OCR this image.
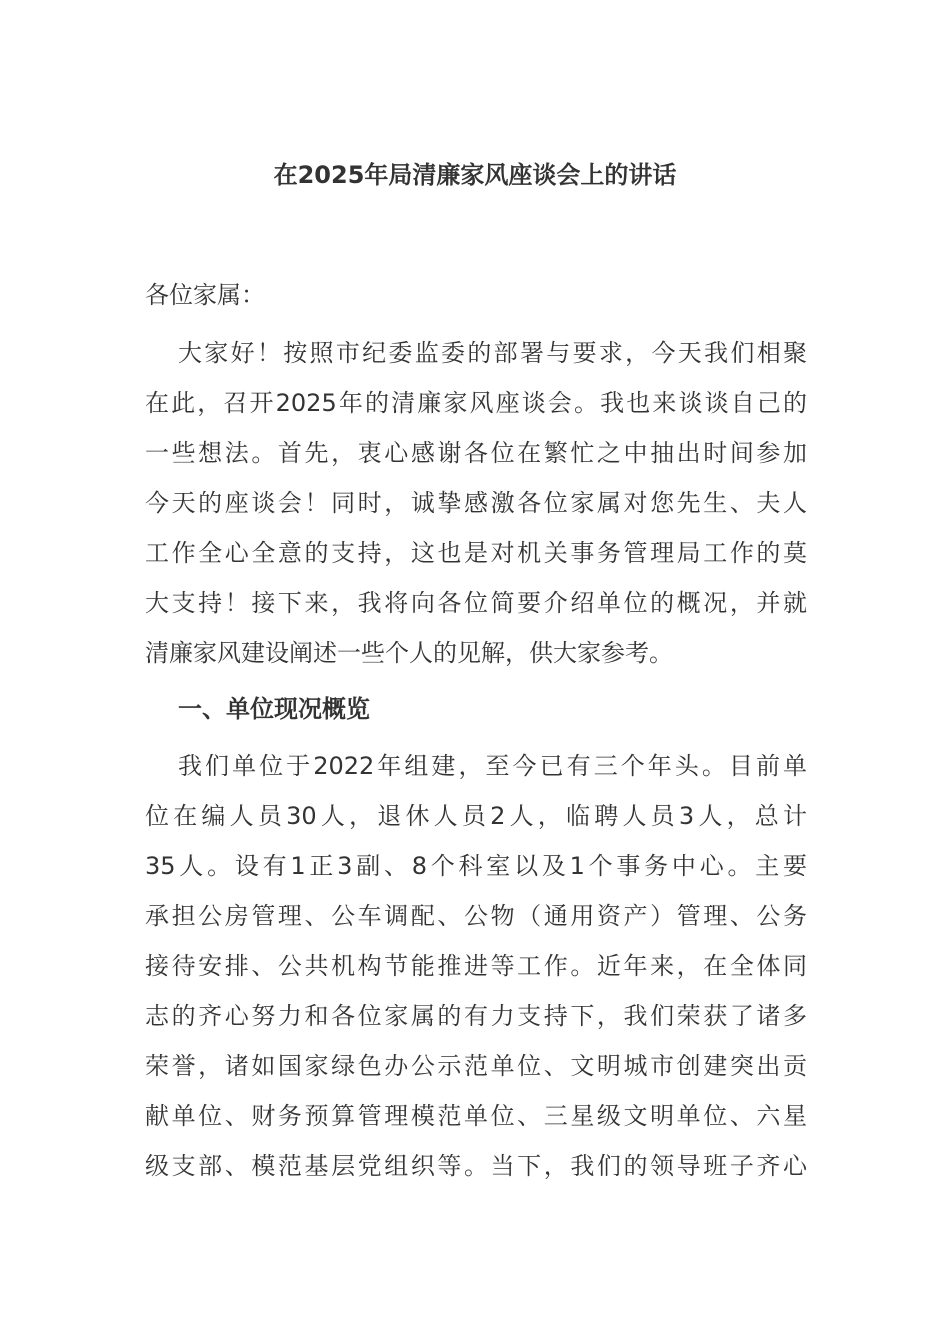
在2025年局清廉家风座谈会上的讲话

各位家属：

大家好！按照市纪委监委的部署与要求，今天我们相聚
在此，召开2025年的清廉家风座谈会。我也来谈谈自己的
一些想法。首先，衷心感谢各位在繁忙之中抽出时间参加
今天的座谈会！同时，诚挚感激各位家属对您先生、夫人
工作全心全意的支持，这也是对机关事务管理局工作的莫
大支持！接下来，我将向各位简要介绍单位的概况，并就
清廉家风建设阐述一些个人的见解，供大家参考。
一、单位现况概览
我们单位于2022年组建，至今已有三个年头。目前单
位在编人员30人，退休人员2人，临聘人员3人，总计
35人。设有1正3副、8个科室以及1个事务中心。主要
承担公房管理、公车调配、公物（通用资产）管理、公务
接待安排、公共机构节能推进等工作。近年来，在全体同
志的齐心努力和各位家属的有力支持下，我们荣获了诸多
荣誉，诸如国家绿色办公示范单位、文明城市创建突出贡
献单位、财务预算管理模范单位、三星级文明单位、六星
级支部、模范基层党组织等。当下，我们的领导班子齐心
